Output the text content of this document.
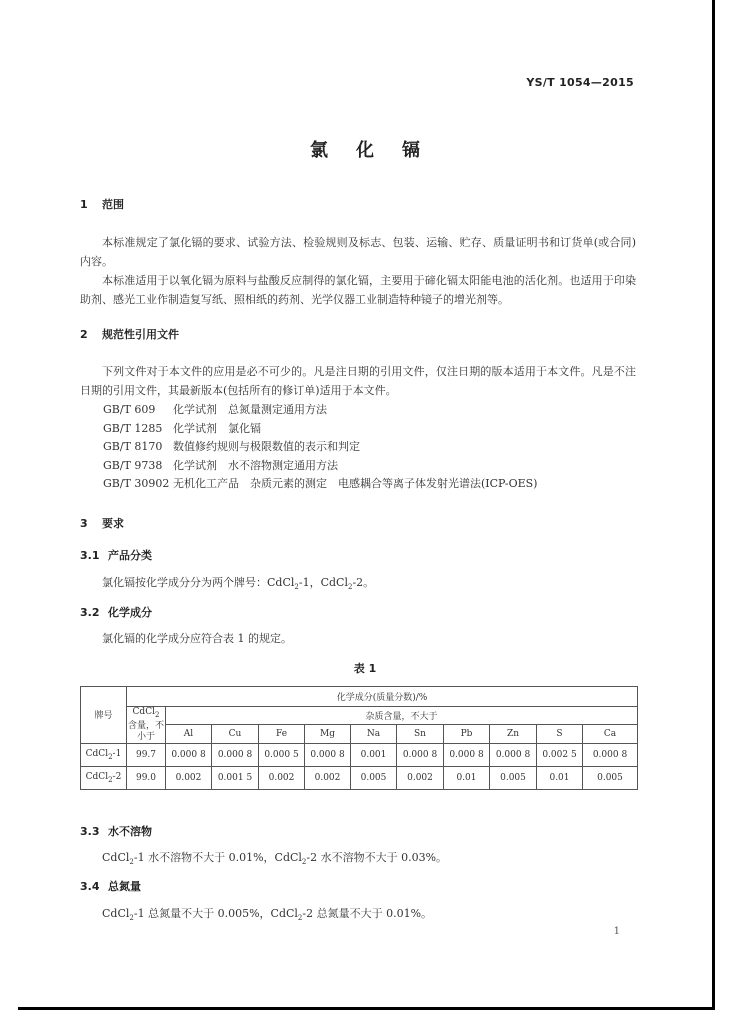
YS/T 1054—2015
氯化镉
1 范围
本标准规定了氯化镉的要求、试验方法、检验规则及标志、包装、运输、贮存、质量证明书和订货单(或合同)内容。
本标准适用于以氧化镉为原料与盐酸反应制得的氯化镉，主要用于碲化镉太阳能电池的活化剂。也适用于印染助剂、感光工业作制造复写纸、照相纸的药剂、光学仪器工业制造特种镜子的增光剂等。
2 规范性引用文件
下列文件对于本文件的应用是必不可少的。凡是注日期的引用文件，仅注日期的版本适用于本文件。凡是不注日期的引用文件，其最新版本(包括所有的修订单)适用于本文件。
GB/T 609 化学试剂　总氮量测定通用方法
GB/T 1285 化学试剂　氯化镉
GB/T 8170 数值修约规则与极限数值的表示和判定
GB/T 9738 化学试剂　水不溶物测定通用方法
GB/T 30902 无机化工产品　杂质元素的测定　电感耦合等离子体发射光谱法(ICP-OES)
3 要求
3.1 产品分类
氯化镉按化学成分分为两个牌号：CdCl$_2$-1，CdCl$_2$-2。
3.2 化学成分
氯化镉的化学成分应符合表 1 的规定。
表 1
牌号	化学成分(质量分数)/%										
	CdCl$_2$
含量，不小于	杂质含量，不大于									
		Al	Cu	Fe	Mg	Na	Sn	Pb	Zn	S	Ca
CdCl$_2$-1	99.7	0.000 8	0.000 8	0.000 5	0.000 8	0.001	0.000 8	0.000 8	0.000 8	0.002 5	0.000 8
CdCl$_2$-2	99.0	0.002	0.001 5	0.002	0.002	0.005	0.002	0.01	0.005	0.01	0.005
3.3 水不溶物
CdCl$_2$-1 水不溶物不大于 0.01%，CdCl$_2$-2 水不溶物不大于 0.03%。
3.4 总氮量
CdCl$_2$-1 总氮量不大于 0.005%，CdCl$_2$-2 总氮量不大于 0.01%。
1
